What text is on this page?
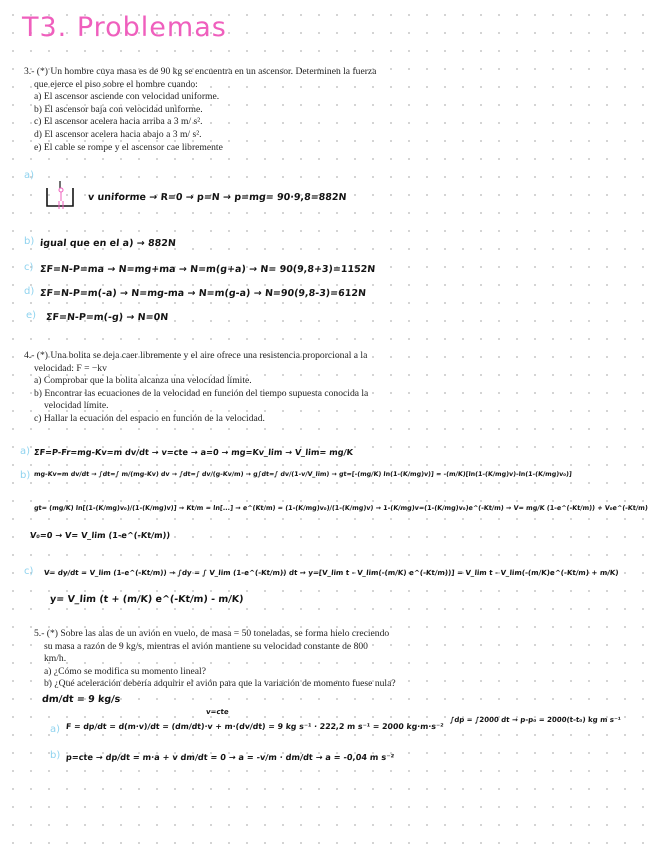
T3. Problemas
3.- (*) Un hombre cuya masa es de 90 kg se encuentra en un ascensor. Determinen la fuerza
que ejerce el piso sobre el hombre cuando:
a) El ascensor asciende con velocidad uniforme.
b) El ascensor baja con velocidad uniforme.
c) El ascensor acelera hacia arriba a 3 m/ s².
d) El ascensor acelera hacia abajo a 3 m/ s².
e) El cable se rompe y el ascensor cae libremente
a)
v uniforme → R=0 → p=N → p=mg= 90·9,8=882N
b) igual que en el a) → 882N
c) ΣF=N-P=ma → N=mg+ma → N=m(g+a) → N= 90(9,8+3)=1152N
d) ΣF=N-P=m(-a) → N=mg-ma → N=m(g-a) → N=90(9,8-3)=612N
e) ΣF=N-P=m(-g) → N=0N
4.- (*) Una bolita se deja caer libremente y el aire ofrece una resistencia proporcional a la
velocidad: F = −kv
a) Comprobar que la bolita alcanza una velocidad límite.
b) Encontrar las ecuaciones de la velocidad en función del tiempo supuesta conocida la
velocidad límite.
c) Hallar la ecuación del espacio en función de la velocidad.
a) ΣF=P-Fr=mg-Kv=m dv/dt → v=cte → a=0 → mg=Kv_lim → V_lim= mg/K
b) mg-Kv=m dv/dt → ∫dt=∫ m/(mg-Kv) dv → ∫dt=∫ dv/(g-Kv/m) → g∫dt=∫ dv/(1-v/V_lim) → gt=[-(mg/K) ln(1-(K/mg)v)] = -(m/K)[ln(1-(K/mg)v)-ln(1-(K/mg)v₀)]
gt= (mg/K) ln[(1-(K/mg)v₀)/(1-(K/mg)v)] → Kt/m = ln[...] → e^(Kt/m) = (1-(K/mg)v₀)/(1-(K/mg)v) → 1-(K/mg)v=(1-(K/mg)v₀)e^(-Kt/m) → V= mg/K (1-e^(-Kt/m)) + V₀e^(-Kt/m)
V₀=0 → V= V_lim (1-e^(-Kt/m))
c) V= dy/dt = V_lim (1-e^(-Kt/m)) → ∫dy = ∫ V_lim (1-e^(-Kt/m)) dt → y=[V_lim t - V_lim(-(m/K) e^(-Kt/m))] = V_lim t - V_lim(-(m/K)e^(-Kt/m) + m/K)
y= V_lim (t + (m/K) e^(-Kt/m) - m/K)
5.- (*) Sobre las alas de un avión en vuelo, de masa = 50 toneladas, se forma hielo creciendo
su masa a razón de 9 kg/s, mientras el avión mantiene su velocidad constante de 800
km/h.
a) ¿Cómo se modifica su momento lineal?
b) ¿Qué aceleración debería adquirir el avión para que la variación de momento fuese nula?
dm/dt = 9 kg/s
a)
v=cte
F = dp/dt = d(m·v)/dt = (dm/dt)·v + m·(dv/dt) = 9 kg s⁻¹ · 222,2 m s⁻¹ = 2000 kg·m·s⁻²
∫dp = ∫2000 dt → p-p₀ = 2000(t-t₀) kg m s⁻¹
b) p=cte → dp/dt = m·a + v dm/dt = 0 → a = -v/m · dm/dt → a = -0,04 m s⁻²
